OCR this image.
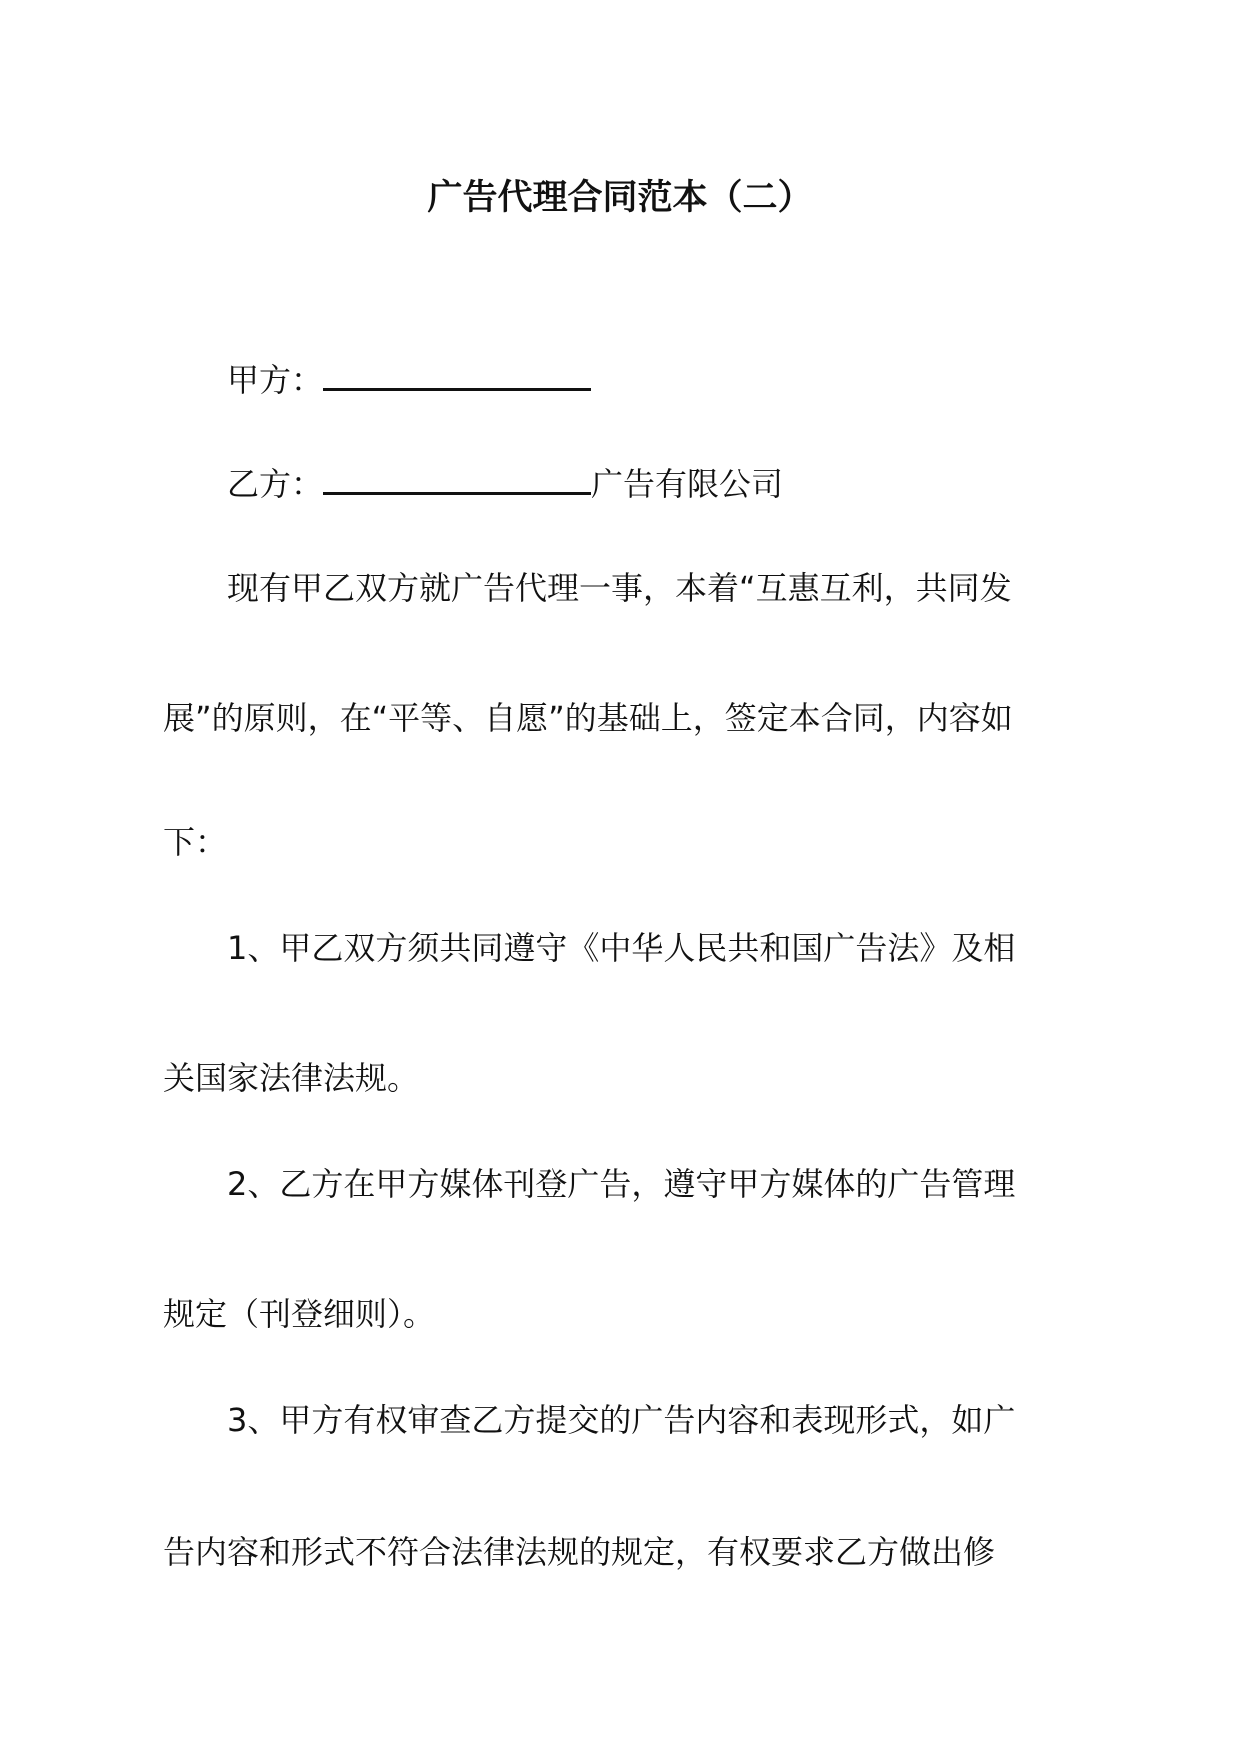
广告代理合同范本（二）
甲方：
乙方：	广告有限公司
现有甲乙双方就广告代理一事，本着“互惠互利，共同发
展”的原则，在“平等、自愿”的基础上，签定本合同，内容如
下：
1、甲乙双方须共同遵守《中华人民共和国广告法》及相
关国家法律法规。
2、乙方在甲方媒体刊登广告，遵守甲方媒体的广告管理
规定（刊登细则）。
3、甲方有权审查乙方提交的广告内容和表现形式，如广
告内容和形式不符合法律法规的规定，有权要求乙方做出修
